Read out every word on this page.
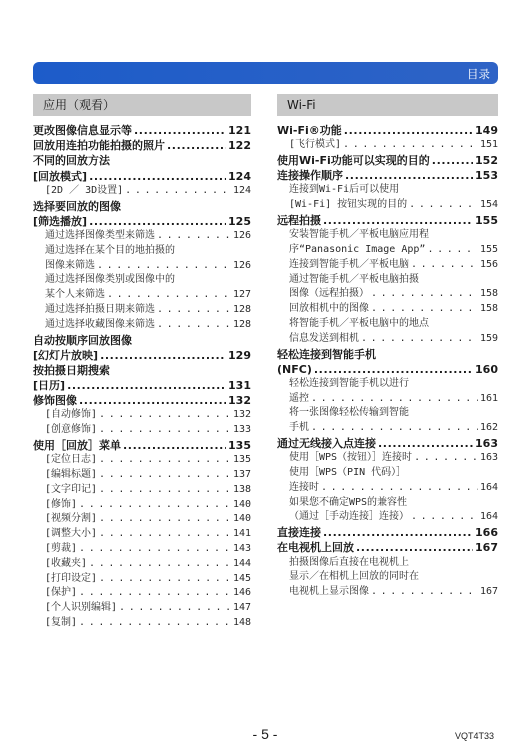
目录
应用（观看）	Wi-Fi
更改图像信息显示等 . . .	121
回放用连拍功能拍摄的照片 . . .	122
不同的回放方法
[回放模式] . . .	124
[2D ／ 3D设置] . . .	124
选择要回放的图像
[筛选播放] . . .	125
通过选择图像类型来筛选 . . .	126
通过选择在某个目的地拍摄的
图像来筛选 . . .	126
通过选择图像类别或图像中的
某个人来筛选 . . .	127
通过选择拍摄日期来筛选 . . .	128
通过选择收藏图像来筛选 . . .	128
自动按顺序回放图像
[幻灯片放映] . . .	129
按拍摄日期搜索
[日历] . . .	131
修饰图像 . . .	132
[自动修饰] . . .	132
[创意修饰] . . .	133
使用［回放］菜单 . . .	135
[定位日志] . . .	135
[编辑标题] . . .	137
[文字印记] . . .	138
[修饰] . . .	140
[视频分割] . . .	140
[调整大小] . . .	141
[剪裁] . . .	143
[收藏夹] . . .	144
[打印设定] . . .	145
[保护] . . .	146
[个人识别编辑] . . .	147
[复制] . . .	148
Wi-Fi®功能 . . .	149
[飞行模式] . . .	151
使用Wi-Fi功能可以实现的目的 . . .	152
连接操作顺序 . . .	153
连接到Wi-Fi后可以使用
[Wi-Fi] 按钮实现的目的 . . .	154
远程拍摄 . . .	155
安装智能手机／平板电脑应用程
序“Panasonic Image App” . . .	155
连接到智能手机／平板电脑 . . .	156
通过智能手机／平板电脑拍摄
图像（远程拍摄） . . .	158
回放相机中的图像 . . .	158
将智能手机／平板电脑中的地点
信息发送到相机 . . .	159
轻松连接到智能手机
(NFC) . . .	160
轻松连接到智能手机以进行
遥控 . . .	161
将一张图像轻松传输到智能
手机 . . .	162
通过无线接入点连接 . . .	163
使用［WPS（按钮）］连接时 . . .	163
使用［WPS（PIN 代码）］
连接时 . . .	164
如果您不确定WPS的兼容性
（通过［手动连接］连接） . . .	164
直接连接 . . .	166
在电视机上回放 . . .	167
拍摄图像后直接在电视机上
显示／在相机上回放的同时在
电视机上显示图像 . . .	167
- 5 -	VQT4T33
